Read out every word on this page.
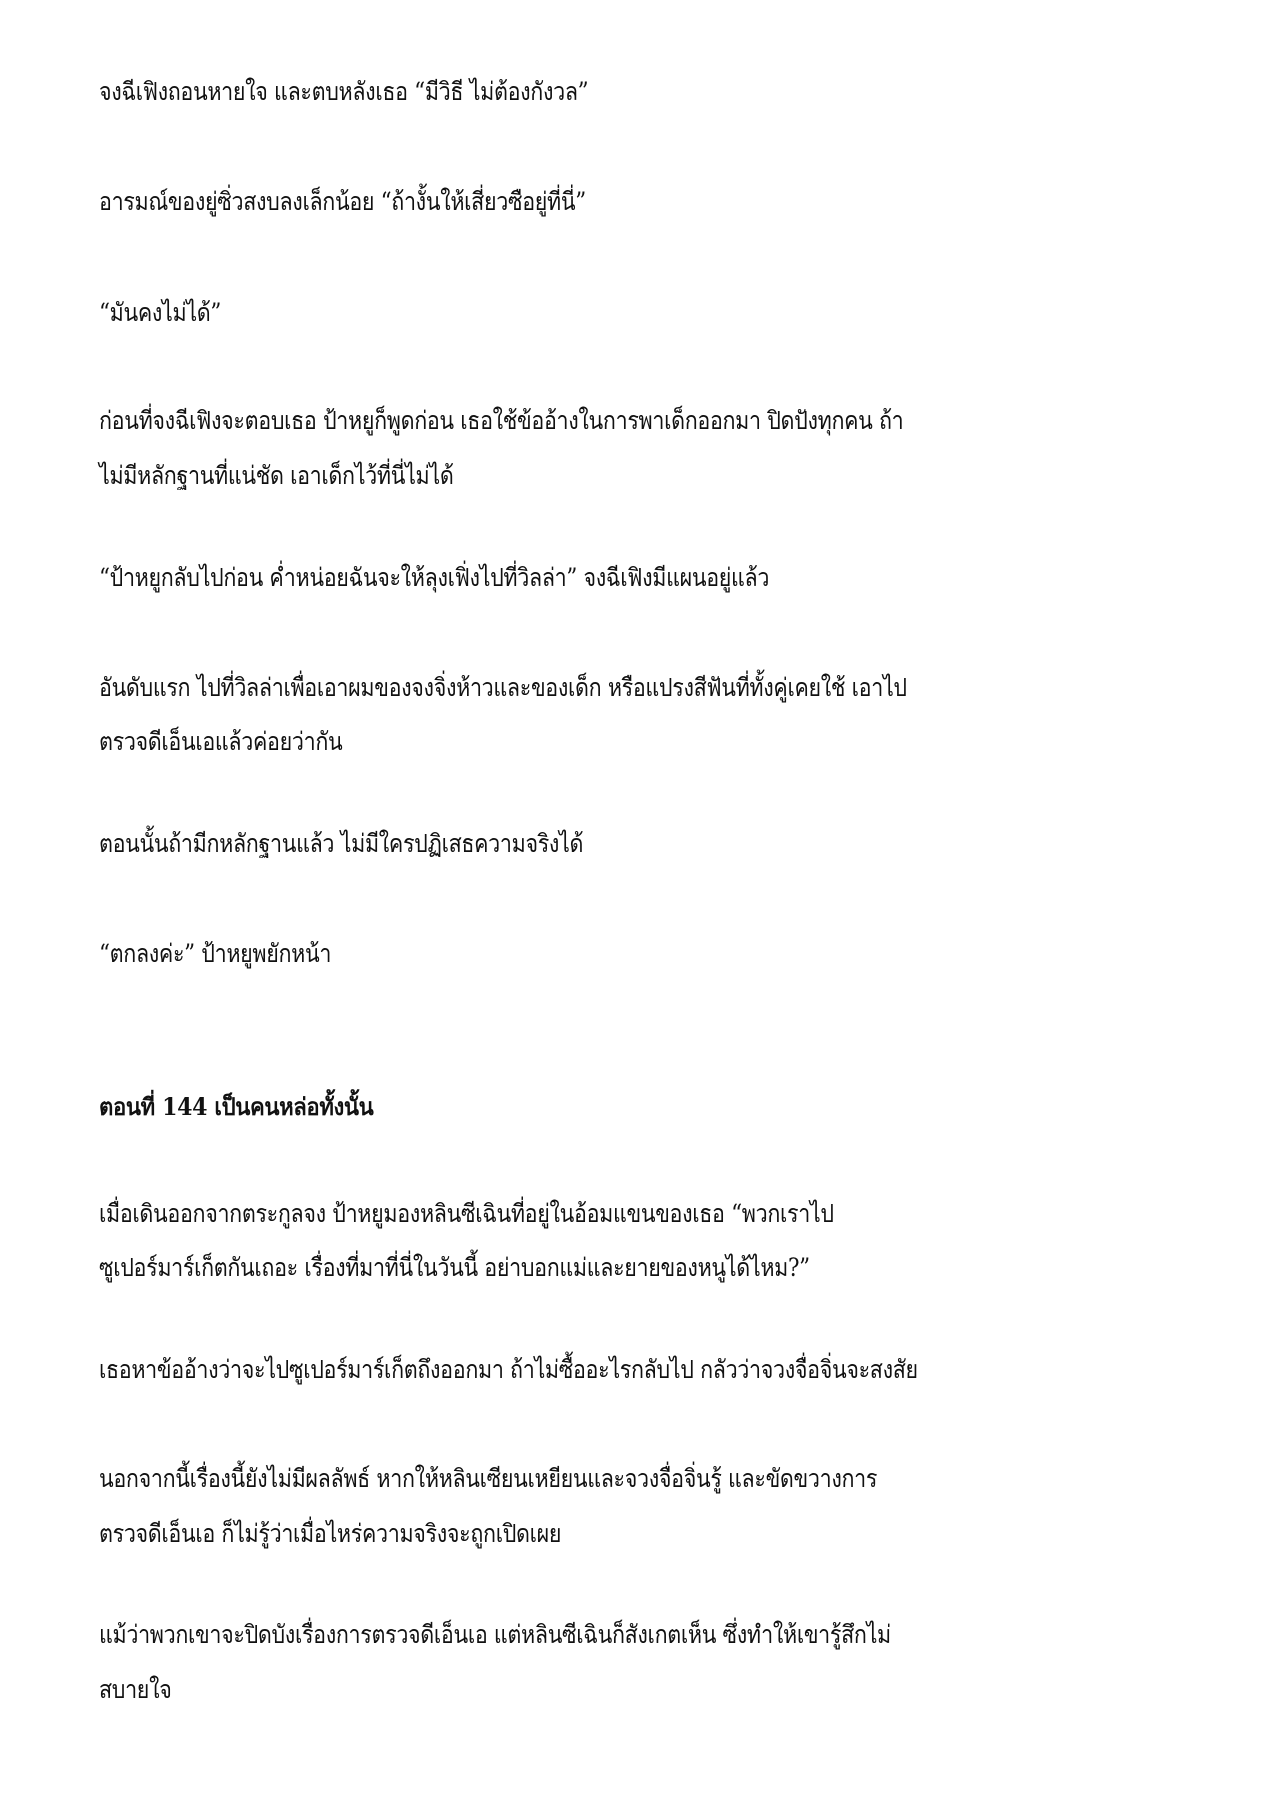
จงฉีเฟิงถอนหายใจ และตบหลังเธอ “มีวิธี ไม่ต้องกังวล”
อารมณ์ของยู่ซิ่วสงบลงเล็กน้อย “ถ้างั้นให้เสี่ยวซือยู่ที่นี่”
“มันคงไม่ได้”
ก่อนที่จงฉีเฟิงจะตอบเธอ ป้าหยูก็พูดก่อน เธอใช้ข้ออ้างในการพาเด็กออกมา ปิดปังทุกคน ถ้า
ไม่มีหลักฐานที่แน่ชัด เอาเด็กไว้ที่นี่ไม่ได้
“ป้าหยูกลับไปก่อน ค่ำหน่อยฉันจะให้ลุงเฟิ่งไปที่วิลล่า” จงฉีเฟิงมีแผนอยู่แล้ว
อันดับแรก ไปที่วิลล่าเพื่อเอาผมของจงจิ่งห้าวและของเด็ก หรือแปรงสีฟันที่ทั้งคู่เคยใช้ เอาไป
ตรวจดีเอ็นเอแล้วค่อยว่ากัน
ตอนนั้นถ้ามีกหลักฐานแล้ว ไม่มีใครปฏิเสธความจริงได้
“ตกลงค่ะ” ป้าหยูพยักหน้า
ตอนที่ 144 เป็นคนหล่อทั้งนั้น
เมื่อเดินออกจากตระกูลจง ป้าหยูมองหลินซีเฉินที่อยู่ในอ้อมแขนของเธอ “พวกเราไป
ซูเปอร์มาร์เก็ตกันเถอะ เรื่องที่มาที่นี่ในวันนี้ อย่าบอกแม่และยายของหนูได้ไหม?”
เธอหาข้ออ้างว่าจะไปซูเปอร์มาร์เก็ตถึงออกมา ถ้าไม่ซื้ออะไรกลับไป กลัวว่าจวงจื่อจิ่นจะสงสัย
นอกจากนี้เรื่องนี้ยังไม่มีผลลัพธ์ หากให้หลินเซียนเหยียนและจวงจื่อจิ่นรู้ และขัดขวางการ
ตรวจดีเอ็นเอ ก็ไม่รู้ว่าเมื่อไหร่ความจริงจะถูกเปิดเผย
แม้ว่าพวกเขาจะปิดบังเรื่องการตรวจดีเอ็นเอ แต่หลินซีเฉินก็สังเกตเห็น ซึ่งทำให้เขารู้สึกไม่
สบายใจ
